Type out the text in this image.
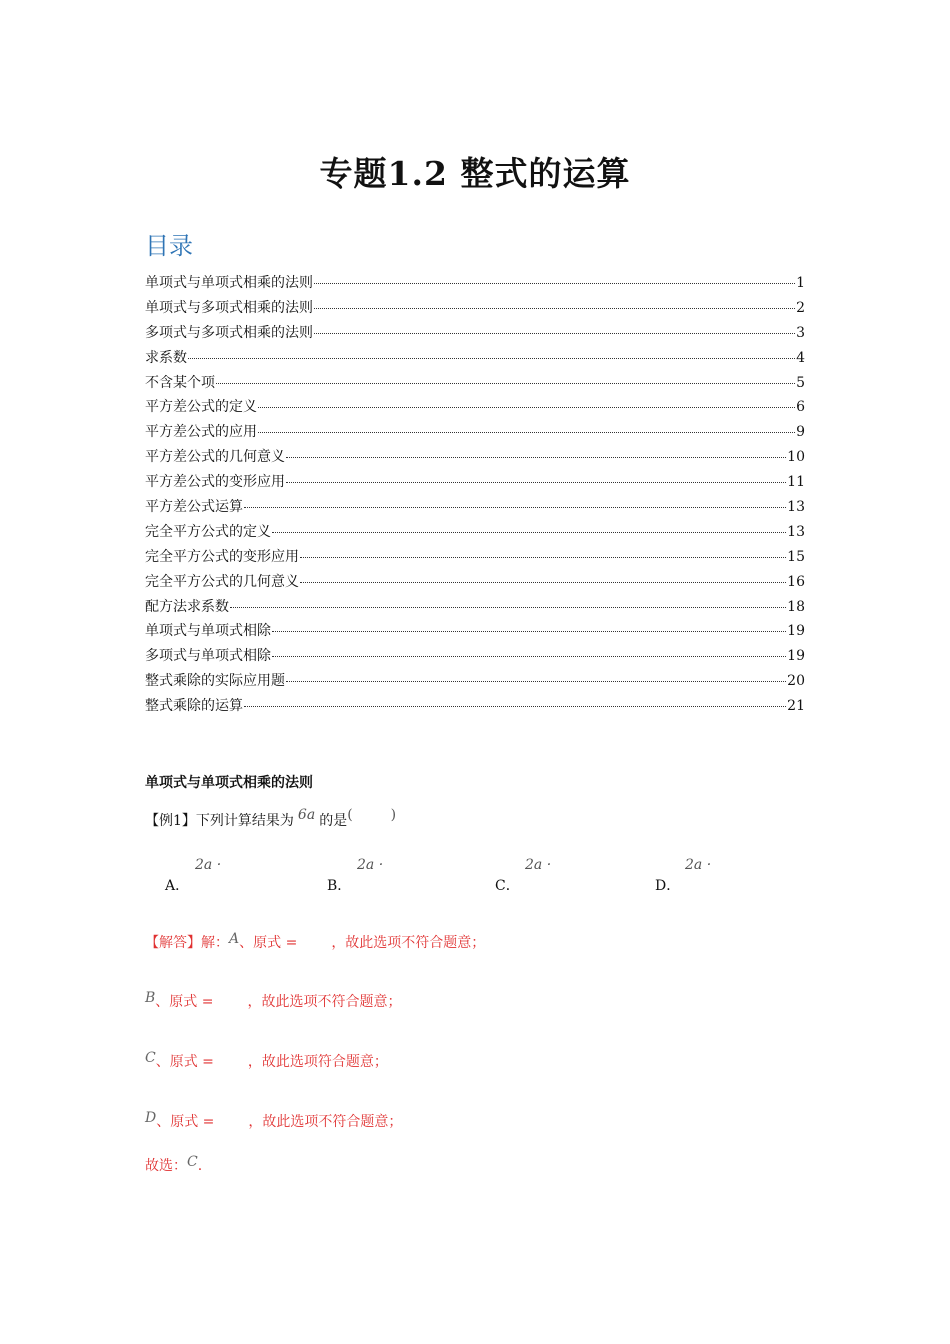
专题1.2 整式的运算
目录
单项式与单项式相乘的法则	1
单项式与多项式相乘的法则	2
多项式与多项式相乘的法则	3
求系数	4
不含某个项	5
平方差公式的定义	6
平方差公式的应用	9
平方差公式的几何意义	10
平方差公式的变形应用	11
平方差公式运算	13
完全平方公式的定义	13
完全平方公式的变形应用	15
完全平方公式的几何意义	16
配方法求系数	18
单项式与单项式相除	19
多项式与单项式相除	19
整式乘除的实际应用题	20
整式乘除的运算	21
单项式与单项式相乘的法则
【例1】下列计算结果为 6a 的是(	)
2a ·
A．
2a ·
B．
2a ·
C．
2a ·
D．
【解答】解：A、原式 = ，故此选项不符合题意；
B、原式 = ，故此选项不符合题意；
C、原式 = ，故此选项符合题意；
D、原式 = ，故此选项不符合题意；
故选：C.
